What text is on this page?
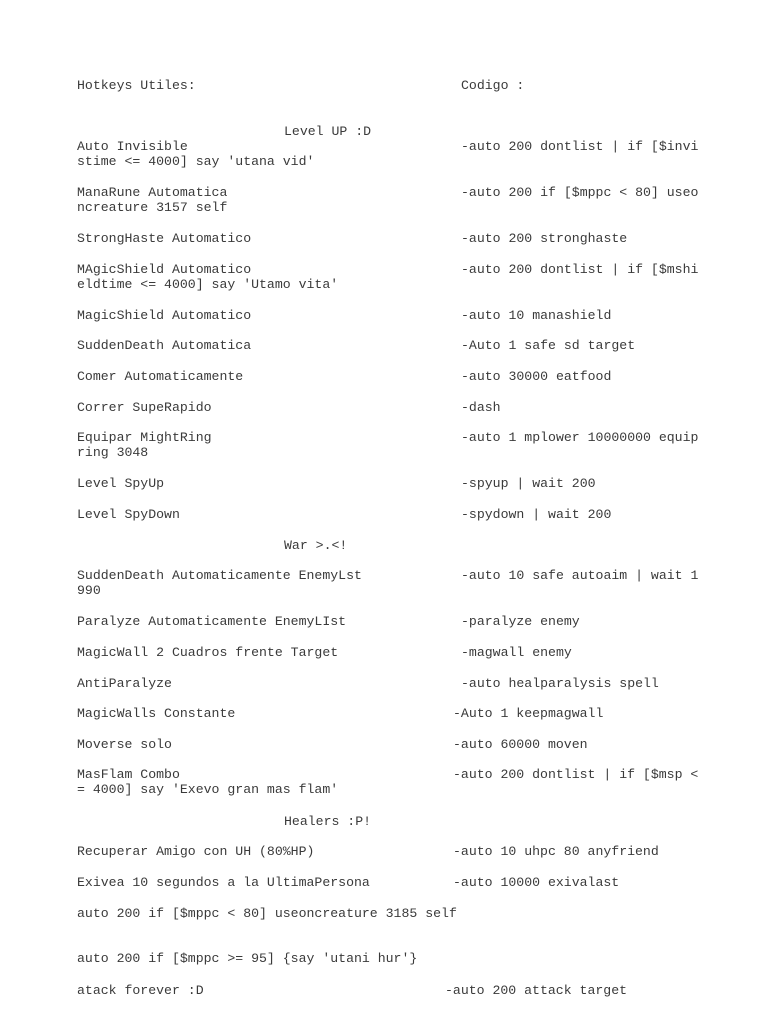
Hotkeys Utiles:	Codigo :
Level UP :D
Auto Invisible	-auto 200 dontlist | if [$invi
stime <= 4000] say 'utana vid'
ManaRune Automatica	-auto 200 if [$mppc < 80] useo
ncreature 3157 self
StrongHaste Automatico	-auto 200 stronghaste
MAgicShield Automatico	-auto 200 dontlist | if [$mshi
eldtime <= 4000] say 'Utamo vita'
MagicShield Automatico	-auto 10 manashield
SuddenDeath Automatica	-Auto 1 safe sd target
Comer Automaticamente	-auto 30000 eatfood
Correr SupeRapido	-dash
Equipar MightRing	-auto 1 mplower 10000000 equip
ring 3048
Level SpyUp	-spyup | wait 200
Level SpyDown	-spydown | wait 200
War >.<!
SuddenDeath Automaticamente EnemyLst	-auto 10 safe autoaim | wait 1
990
Paralyze Automaticamente EnemyLIst	-paralyze enemy
MagicWall 2 Cuadros frente Target	-magwall enemy
AntiParalyze	-auto healparalysis spell
MagicWalls Constante	-Auto 1 keepmagwall
Moverse solo	-auto 60000 moven
MasFlam Combo	-auto 200 dontlist | if [$msp <
= 4000] say 'Exevo gran mas flam'
Healers :P!
Recuperar Amigo con UH (80%HP)	-auto 10 uhpc 80 anyfriend
Exivea 10 segundos a la UltimaPersona	-auto 10000 exivalast
auto 200 if [$mppc < 80] useoncreature 3185 self
auto 200 if [$mppc >= 95] {say 'utani hur'}
atack forever :D	-auto 200 attack target
